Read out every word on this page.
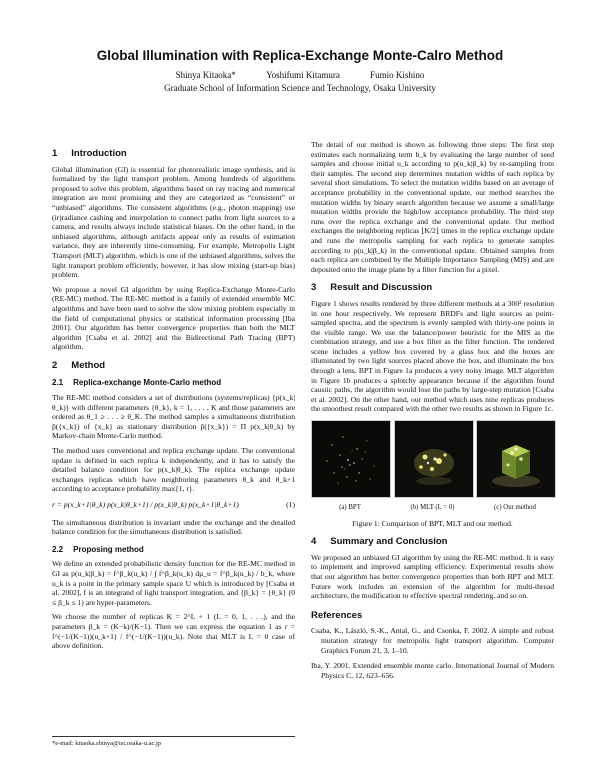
Global Illumination with Replica-Exchange Monte-Calro Method
Shinya Kitaoka*	Yoshifumi Kitamura	Fumio Kishino
Graduate School of Information Science and Technology, Osaka University
1 Introduction

Global illumination (GI) is essential for photorealistic image synthesis, and is formalized by the light transport problem. Among hundreds of algorithms proposed to solve this problem, algorithms based on ray tracing and numerical integration are most promising and they are categorized as “consistent” or “unbiased” algorithms. The consistent algorithms (e.g., photon mapping) use (ir)radiance cashing and interpolation to connect paths from light sources to a camera, and results always include statistical biases. On the other hand, in the unbiased algorithms, although artifacts appear only as results of estimation variance, they are inherently time-consuming. For example, Metropolis Light Transport (MLT) algorithm, which is one of the unbiased algorithms, solves the light transport problem efficiently, however, it has slow mixing (start-up bias) problem.

We propose a novel GI algorithm by using Replica-Exchange Monte-Carlo (RE-MC) method. The RE-MC method is a family of extended ensemble MC algorithms and have been used to solve the slow mixing problem especially in the field of computational physics or statistical information processing [Iba 2001]. Our algorithm has better convergence properties than both the MLT algorithm [Csaba et al. 2002] and the Bidirectional Path Tracing (BPT) algorithm.

2 Method
2.1 Replica-exchange Monte-Carlo method

The RE-MC method considers a set of distributions (systems/replicas) {p(x_k|θ_k)} with different parameters {θ_k}, k = 1, . . . , K and those parameters are ordered as θ_1 ≥ . . . ≥ θ_K. The method samples a simultaneous distribution p̂({x_k}) of {x_k} as stationary distribution p̂({x_k}) = Π p(x_k|θ_k) by Markov-chain Monte-Carlo method.

The method uses conventional and replica exchange update. The conventional update is defined in each replica k independently, and it has to satisfy the detailed balance condition for p(x_k|θ_k). The replica exchange update exchanges replicas which have neighboring parameters θ_k and θ_k+1 according to acceptance probability max{1, r}.

r = p(x_k+1|θ_k) p(x_k|θ_k+1) / p(x_k|θ_k) p(x_k+1|θ_k+1)	(1)

The simultaneous distribution is invariant under the exchange and the detailed balance condition for the simultaneous distribution is satisfied.

2.2 Proposing method

We define an extended probabilistic density function for the RE-MC method in GI as p(u_k|β_k) = f^β_k(u_k) / ∫ f^β_k(u_k) dμ_u = f^β_k(u_k) / b_k, where u_k is a point in the primary sample space U which is introduced by [Csaba et al. 2002], f is an integrand of light transport integration, and {β_k} = {θ_k} (0 ≤ β_k ≤ 1) are hyper-parameters.

We choose the number of replicas K = 2^L + 1 (L = 0, 1, . . .), and the parameters β_k = (K−k)/(K−1). Then we can express the equation 1 as r = f^(−1/(K−1))(u_k+1) / f^(−1/(K−1))(u_k). Note that MLT is L = 0 case of above definition.

*e-mail: kitaoka.shinya@ist.osaka-u.ac.jp

The detail of our method is shown as following three steps: The first step estimates each normalizing term b_k by evaluating the large number of seed samples and choose initial u_k according to p(u_k|β_k) by re-sampling from their samples. The second step determines mutation widths of each replica by several short simulations. To select the mutation widths based on an average of acceptance probability in the conventional update, our method searches the mutation widths by binary search algorithm because we assume a small/large mutation widths provide the high/low acceptance probability. The third step runs over the replica exchange and the conventional update. Our method exchanges the neighboring replicas ⌊K/2⌋ times in the replica exchange update and runs the metropolis sampling for each replica to generate samples according to p(u_k|β_k) in the conventional update. Obtained samples from each replica are combined by the Multiple Importance Sampling (MIS) and are deposited onto the image plane by a filter function for a pixel.

3 Result and Discussion

Figure 1 shows results rendered by three different methods at a 300² resolution in one hour respectively. We represent BRDFs and light sources as point-sampled spectra, and the spectrum is evenly sampled with thirty-one points in the visible range. We use the balance/power heuristic for the MIS as the combination strategy, and use a box filter as the filter function. The rendered scene includes a yellow box covered by a glass box and the boxes are illuminated by two light sources placed above the box, and illuminate the box through a lens. BPT in Figure 1a produces a very noisy image. MLT algorithm in Figure 1b produces a splotchy appearance because if the algorithm found caustic paths, the algorithm would lose the paths by large-step mutation [Csaba et al. 2002]. On the other hand, our method which uses nine replicas produces the smoothest result compared with the other two results as shown in Figure 1c.

(a) BPT	(b) MLT (L = 0)	(c) Our method
Figure 1: Comparison of BPT, MLT and our method.
4 Summary and Conclusion

We proposed an unbiased GI algorithm by using the RE-MC method. It is easy to implement and improved sampling efficiency. Experimental results show that our algorithm has better convergence properties than both BPT and MLT. Future work includes an extension of the algorithm for multi-thread architecture, the modification to effective spectral rendering, and so on.

References
Csaba, K., László, S.-K., Antal, G., and Csonka, F. 2002. A simple and robust mutation strategy for metropolis light transport algorithm. Computer Graphics Forum 21, 3, 1–10.
Iba, Y. 2001. Extended ensemble monte carlo. International Journal of Modern Physics C, 12, 623–656.
